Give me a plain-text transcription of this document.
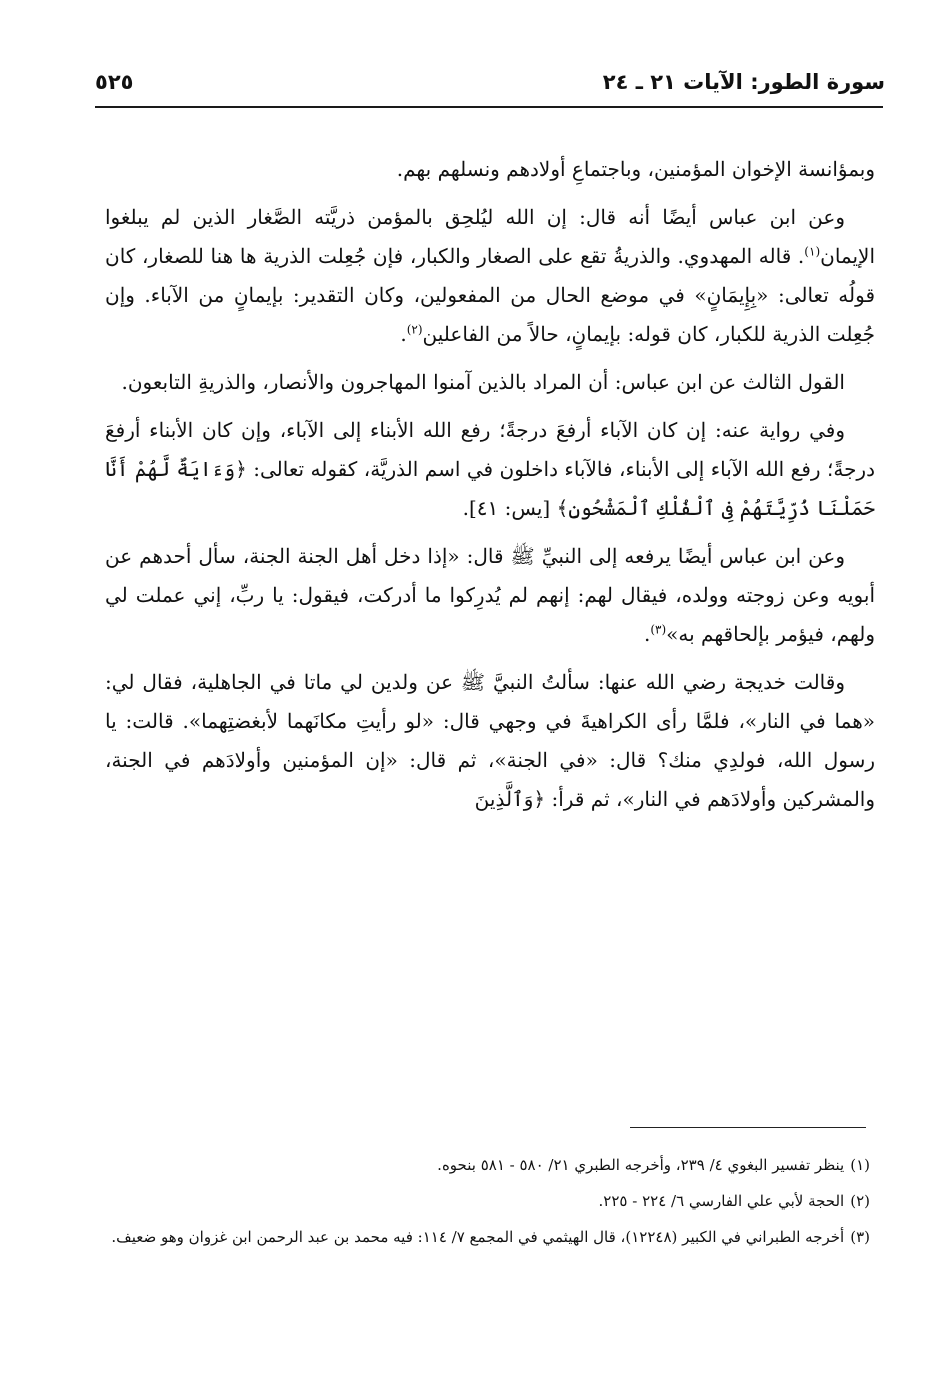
سورة الطور: الآيات ٢١ ـ ٢٤
٥٢٥

وبمؤانسة الإخوان المؤمنين، وباجتماعِ أولادهم ونسلهم بهم.

وعن ابن عباس أيضًا أنه قال: إن الله ليُلحِق بالمؤمن ذريَّته الصَّغار الذين لم يبلغوا الإيمان$^{(١)}$. قاله المهدوي. والذريةُ تقع على الصغار والكبار، فإن جُعِلت الذرية ها هنا للصغار، كان قولُه تعالى: «بِإِيمَانٍ» في موضع الحال من المفعولين، وكان التقدير: بإيمانٍ من الآباء. وإن جُعِلت الذرية للكبار، كان قوله: بإيمانٍ، حالاً من الفاعلين$^{(٢)}$.

القول الثالث عن ابن عباس: أن المراد بالذين آمنوا المهاجرون والأنصار، والذريةِ التابعون.

وفي رواية عنه: إن كان الآباء أرفعَ درجةً؛ رفع الله الأبناء إلى الآباء، وإن كان الأبناء أرفعَ درجةً؛ رفع الله الآباء إلى الأبناء، فالآباء داخلون في اسم الذريَّة، كقوله تعالى: ﴿وَءَايَةٌ لَّهُمْ أَنَّا حَمَلْنَا ذُرِّيَّتَهُمْ فِى ٱلْفُلْكِ ٱلْمَشْحُونِ﴾ [يس: ٤١].

وعن ابن عباس أيضًا يرفعه إلى النبيِّ ﷺ قال: «إذا دخل أهل الجنة الجنة، سأل أحدهم عن أبويه وعن زوجته وولده، فيقال لهم: إنهم لم يُدرِكوا ما أدركت، فيقول: يا ربِّ، إني عملت لي ولهم، فيؤمر بإلحاقهم به»$^{(٣)}$.

وقالت خديجة رضي الله عنها: سألتُ النبيَّ ﷺ عن ولدين لي ماتا في الجاهلية، فقال لي: «هما في النار»، فلمَّا رأى الكراهيةَ في وجهي قال: «لو رأيتِ مكانَهما لأبغضتِهما». قالت: يا رسول الله، فولدِي منك؟ قال: «في الجنة»، ثم قال: «إن المؤمنين وأولادَهم في الجنة، والمشركين وأولادَهم في النار»، ثم قرأ: ﴿وَٱلَّذِينَ

(١)ينظر تفسير البغوي ٤/ ٢٣٩، وأخرجه الطبري ٢١/ ٥٨٠ - ٥٨١ بنحوه.
(٢)الحجة لأبي علي الفارسي ٦/ ٢٢٤ - ٢٢٥.
(٣)أخرجه الطبراني في الكبير (١٢٢٤٨)، قال الهيثمي في المجمع ٧/ ١١٤: فيه محمد بن عبد الرحمن ابن غزوان وهو ضعيف.
